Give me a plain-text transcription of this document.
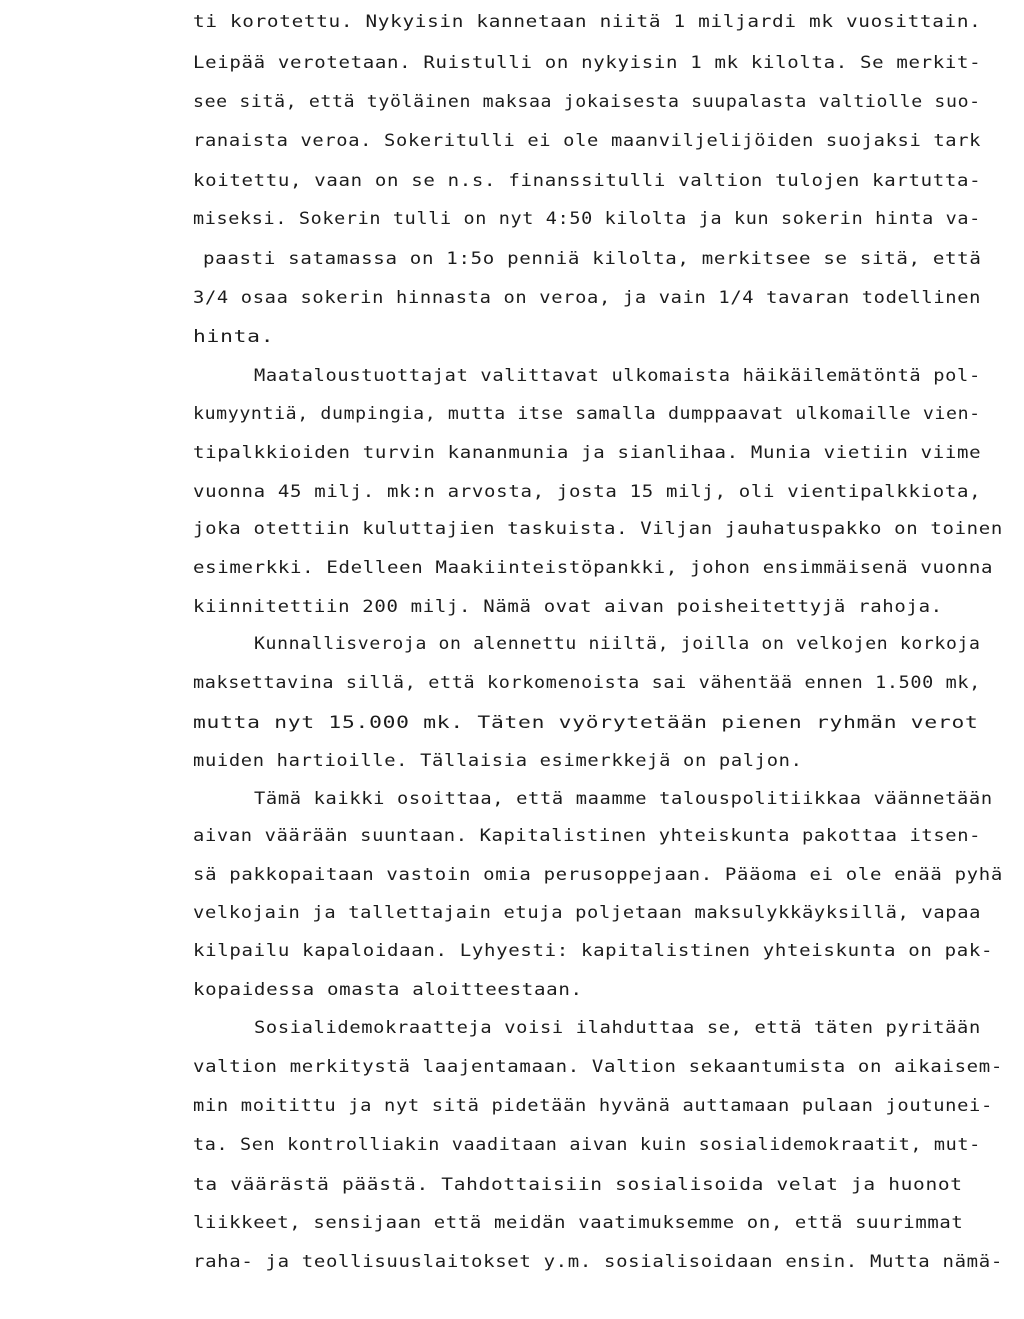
ti korotettu. Nykyisin kannetaan niitä 1 miljardi mk vuosittain.
Leipää verotetaan. Ruistulli on nykyisin 1 mk kilolta. Se merkit-
see sitä, että työläinen maksaa jokaisesta suupalasta valtiolle suo-
ranaista veroa. Sokeritulli ei ole maanviljelijöiden suojaksi tark
koitettu, vaan on se n.s. finanssitulli valtion tulojen kartutta-
miseksi. Sokerin tulli on nyt 4:50 kilolta ja kun sokerin hinta va-
paasti satamassa on 1:5o penniä kilolta, merkitsee se sitä, että
3/4 osaa sokerin hinnasta on veroa, ja vain 1/4 tavaran todellinen
hinta.
Maataloustuottajat valittavat ulkomaista häikäilemätöntä pol-
kumyyntiä, dumpingia, mutta itse samalla dumppaavat ulkomaille vien-
tipalkkioiden turvin kananmunia ja sianlihaa. Munia vietiin viime
vuonna 45 milj. mk:n arvosta, josta 15 milj, oli vientipalkkiota,
joka otettiin kuluttajien taskuista. Viljan jauhatuspakko on toinen
esimerkki. Edelleen Maakiinteistöpankki, johon ensimmäisenä vuonna
kiinnitettiin 200 milj. Nämä ovat aivan poisheitettyjä rahoja.
Kunnallisveroja on alennettu niiltä, joilla on velkojen korkoja
maksettavina sillä, että korkomenoista sai vähentää ennen 1.500 mk,
mutta nyt 15.000 mk. Täten vyörytetään pienen ryhmän verot
muiden hartioille. Tällaisia esimerkkejä on paljon.
Tämä kaikki osoittaa, että maamme talouspolitiikkaa väännetään
aivan väärään suuntaan. Kapitalistinen yhteiskunta pakottaa itsen-
sä pakkopaitaan vastoin omia perusoppejaan. Pääoma ei ole enää pyhä
velkojain ja tallettajain etuja poljetaan maksulykkäyksillä, vapaa
kilpailu kapaloidaan. Lyhyesti: kapitalistinen yhteiskunta on pak-
kopaidessa omasta aloitteestaan.
Sosialidemokraatteja voisi ilahduttaa se, että täten pyritään
valtion merkitystä laajentamaan. Valtion sekaantumista on aikaisem-
min moitittu ja nyt sitä pidetään hyvänä auttamaan pulaan joutunei-
ta. Sen kontrolliakin vaaditaan aivan kuin sosialidemokraatit, mut-
ta väärästä päästä. Tahdottaisiin sosialisoida velat ja huonot
liikkeet, sensijaan että meidän vaatimuksemme on, että suurimmat
raha- ja teollisuuslaitokset y.m. sosialisoidaan ensin. Mutta nämä-
